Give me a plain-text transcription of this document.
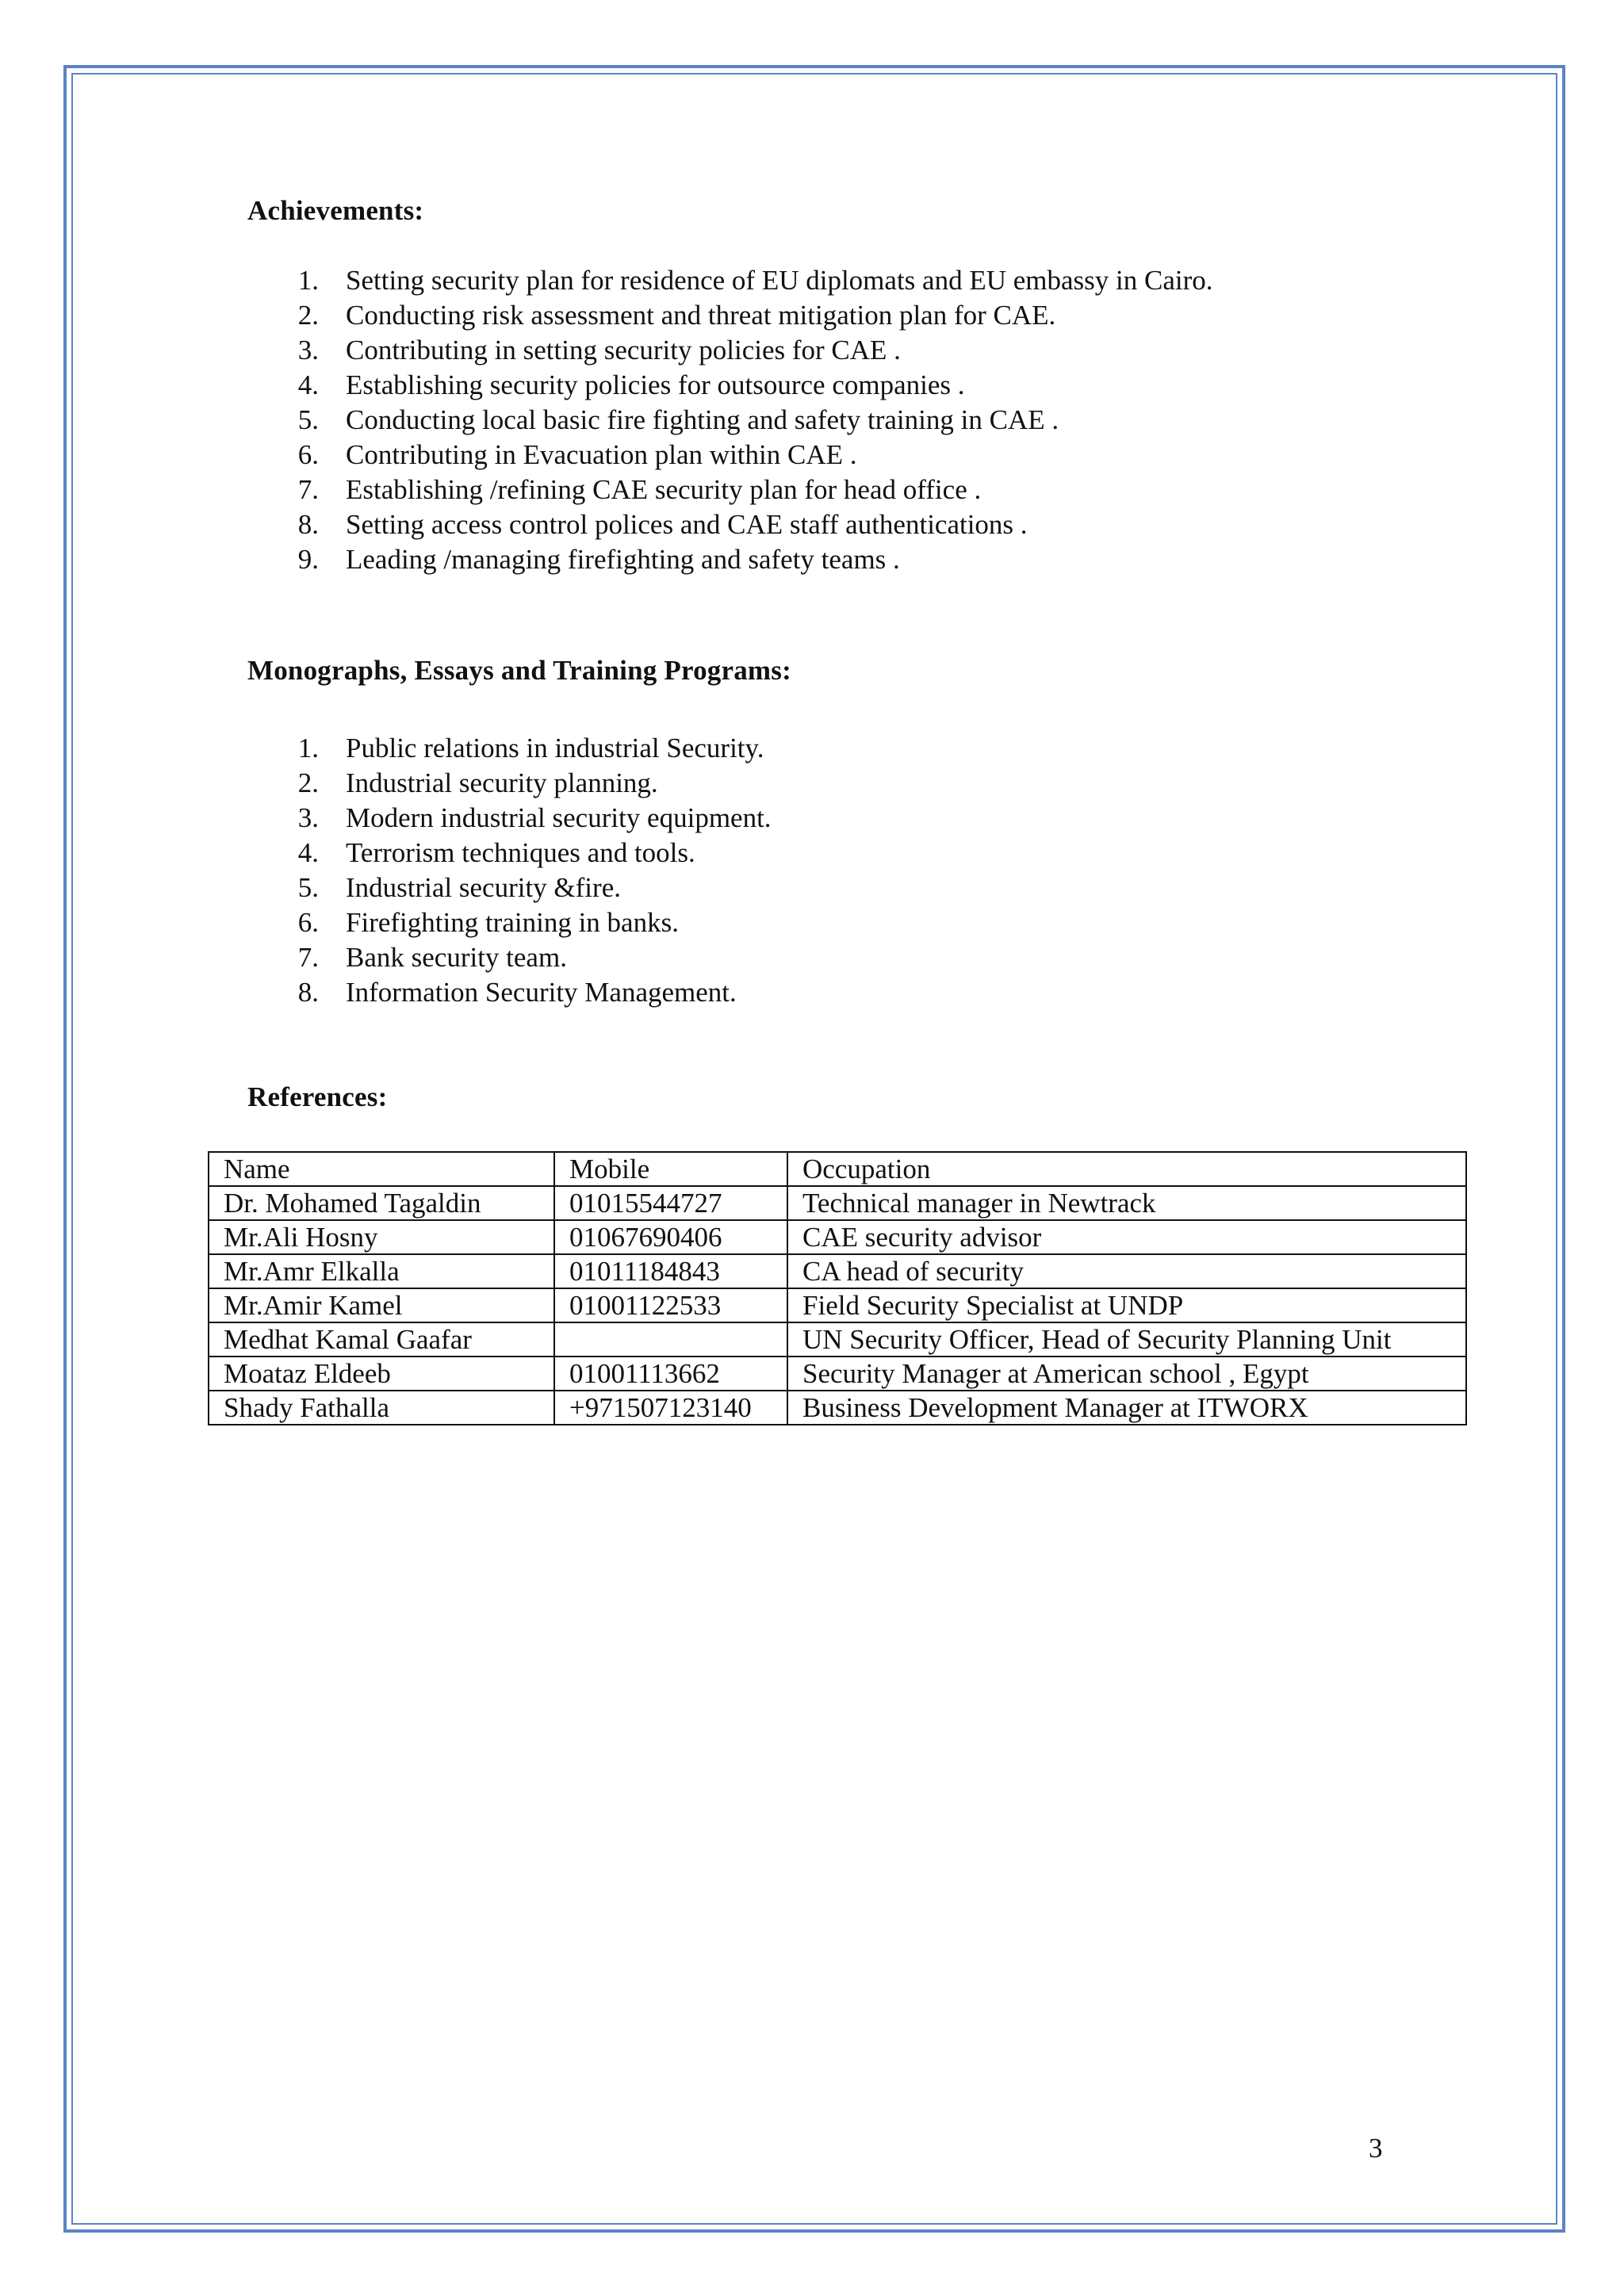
Achievements:
1. Setting security plan for residence of EU diplomats and EU embassy in Cairo.
2. Conducting risk assessment and threat mitigation plan for CAE.
3. Contributing in setting security policies for CAE .
4. Establishing security policies for outsource companies .
5. Conducting local basic fire fighting and safety training in CAE .
6. Contributing in Evacuation plan within CAE .
7. Establishing /refining CAE security plan for head office .
8. Setting access control polices and CAE staff authentications .
9. Leading /managing firefighting and safety teams .
Monographs, Essays and Training Programs:
1. Public relations in industrial Security.
2. Industrial security planning.
3. Modern industrial security equipment.
4. Terrorism techniques and tools.
5. Industrial security &fire.
6. Firefighting training in banks.
7. Bank security team.
8. Information Security Management.
References:
Name	Mobile	Occupation
Dr. Mohamed Tagaldin	01015544727	Technical manager in Newtrack
Mr.Ali Hosny	01067690406	CAE security advisor
Mr.Amr Elkalla	01011184843	CA head of security
Mr.Amir Kamel	01001122533	Field Security Specialist at UNDP
Medhat Kamal Gaafar		UN Security Officer, Head of Security Planning Unit
Moataz Eldeeb	01001113662	Security Manager at American school , Egypt
Shady Fathalla	+971507123140	Business Development Manager at ITWORX
3
